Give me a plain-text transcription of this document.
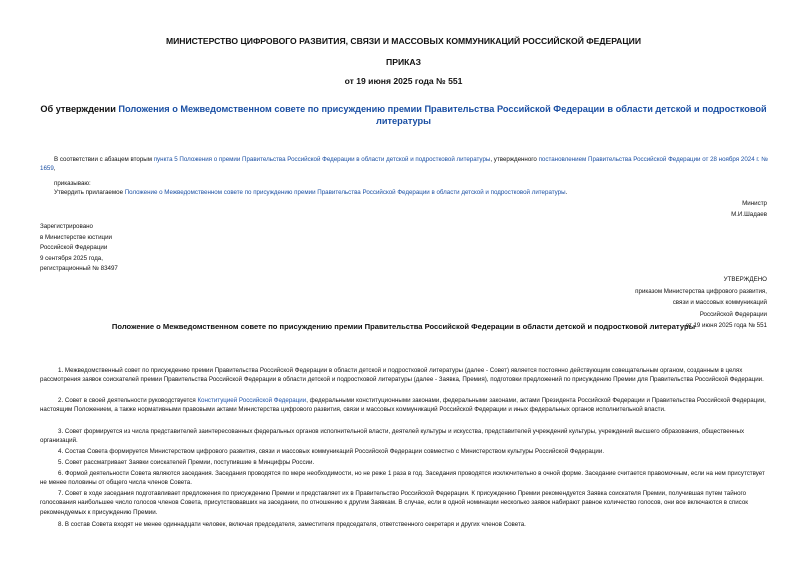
МИНИСТЕРСТВО ЦИФРОВОГО РАЗВИТИЯ, СВЯЗИ И МАССОВЫХ КОММУНИКАЦИЙ РОССИЙСКОЙ ФЕДЕРАЦИИ
ПРИКАЗ
от 19 июня 2025 года № 551
Об утверждении Положения о Межведомственном совете по присуждению премии Правительства Российской Федерации в области детской и подростковой литературы
В соответствии с абзацем вторым пункта 5 Положения о премии Правительства Российской Федерации в области детской и подростковой литературы, утвержденного постановлением Правительства Российской Федерации от 28 ноября 2024 г. № 1659,
приказываю:
Утвердить прилагаемое Положение о Межведомственном совете по присуждению премии Правительства Российской Федерации в области детской и подростковой литературы.
Министр
М.И.Шадаев
Зарегистрировано
в Министерстве юстиции
Российской Федерации
9 сентября 2025 года,
регистрационный № 83497
УТВЕРЖДЕНО
приказом Министерства цифрового развития,
связи и массовых коммуникаций
Российской Федерации
от 19 июня 2025 года № 551
Положение о Межведомственном совете по присуждению премии Правительства Российской Федерации в области детской и подростковой литературы
1. Межведомственный совет по присуждению премии Правительства Российской Федерации в области детской и подростковой литературы (далее - Совет) является постоянно действующим совещательным органом, созданным в целях рассмотрения заявок соискателей премии Правительства Российской Федерации в области детской и подростковой литературы (далее - Заявка, Премия), подготовки предложений по присуждению Премии для Правительства Российской Федерации.
2. Совет в своей деятельности руководствуется Конституцией Российской Федерации, федеральными конституционными законами, федеральными законами, актами Президента Российской Федерации и Правительства Российской Федерации, настоящим Положением, а также нормативными правовыми актами Министерства цифрового развития, связи и массовых коммуникаций Российской Федерации и иных федеральных органов исполнительной власти.
3. Совет формируется из числа представителей заинтересованных федеральных органов исполнительной власти, деятелей культуры и искусства, представителей учреждений культуры, учреждений высшего образования, общественных организаций.
4. Состав Совета формируется Министерством цифрового развития, связи и массовых коммуникаций Российской Федерации совместно с Министерством культуры Российской Федерации.
5. Совет рассматривает Заявки соискателей Премии, поступившие в Минцифры России.
6. Формой деятельности Совета являются заседания. Заседания проводятся по мере необходимости, но не реже 1 раза в год. Заседания проводятся исключительно в очной форме. Заседание считается правомочным, если на нем присутствует не менее половины от общего числа членов Совета.
7. Совет в ходе заседания подготавливает предложения по присуждению Премии и представляет их в Правительство Российской Федерации. К присуждению Премии рекомендуется Заявка соискателя Премии, получившая путем тайного голосования наибольшее число голосов членов Совета, присутствовавших на заседании, по отношению к другим Заявкам. В случае, если в одной номинации несколько заявок набирают равное количество голосов, они все включаются в список рекомендуемых к присуждению Премии.
8. В состав Совета входят не менее одиннадцати человек, включая председателя, заместителя председателя, ответственного секретаря и других членов Совета.
